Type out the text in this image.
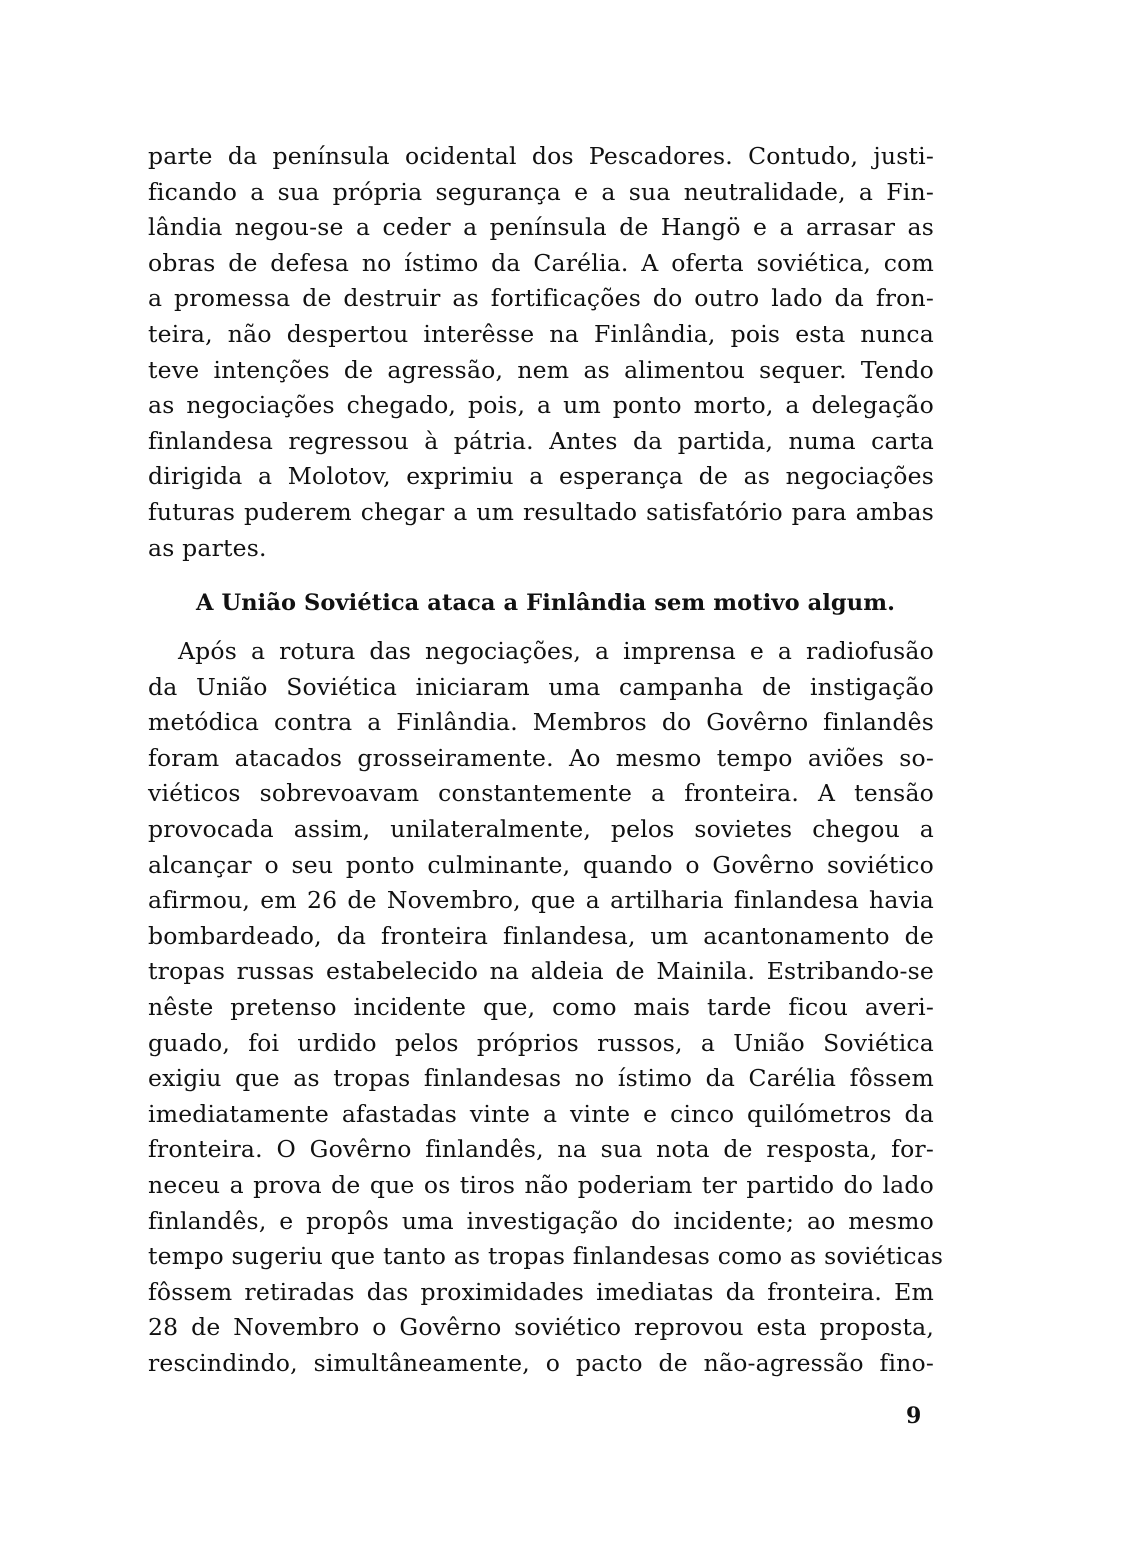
parte da península ocidental dos Pescadores. Contudo, justi-
ficando a sua própria segurança e a sua neutralidade, a Fin-
lândia negou-se a ceder a península de Hangö e a arrasar as
obras de defesa no ístimo da Carélia. A oferta soviética, com
a promessa de destruir as fortificações do outro lado da fron-
teira, não despertou interêsse na Finlândia, pois esta nunca
teve intenções de agressão, nem as alimentou sequer. Tendo
as negociações chegado, pois, a um ponto morto, a delegação
finlandesa regressou à pátria. Antes da partida, numa carta
dirigida a Molotov, exprimiu a esperança de as negociações
futuras puderem chegar a um resultado satisfatório para ambas
as partes.
A União Soviética ataca a Finlândia sem motivo algum.
Após a rotura das negociações, a imprensa e a radiofusão
da União Soviética iniciaram uma campanha de instigação
metódica contra a Finlândia. Membros do Govêrno finlandês
foram atacados grosseiramente. Ao mesmo tempo aviões so-
viéticos sobrevoavam constantemente a fronteira. A tensão
provocada assim, unilateralmente, pelos sovietes chegou a
alcançar o seu ponto culminante, quando o Govêrno soviético
afirmou, em 26 de Novembro, que a artilharia finlandesa havia
bombardeado, da fronteira finlandesa, um acantonamento de
tropas russas estabelecido na aldeia de Mainila. Estribando-se
nêste pretenso incidente que, como mais tarde ficou averi-
guado, foi urdido pelos próprios russos, a União Soviética
exigiu que as tropas finlandesas no ístimo da Carélia fôssem
imediatamente afastadas vinte a vinte e cinco quilómetros da
fronteira. O Govêrno finlandês, na sua nota de resposta, for-
neceu a prova de que os tiros não poderiam ter partido do lado
finlandês, e propôs uma investigação do incidente; ao mesmo
tempo sugeriu que tanto as tropas finlandesas como as soviéticas
fôssem retiradas das proximidades imediatas da fronteira. Em
28 de Novembro o Govêrno soviético reprovou esta proposta,
rescindindo, simultâneamente, o pacto de não-agressão fino-
9
